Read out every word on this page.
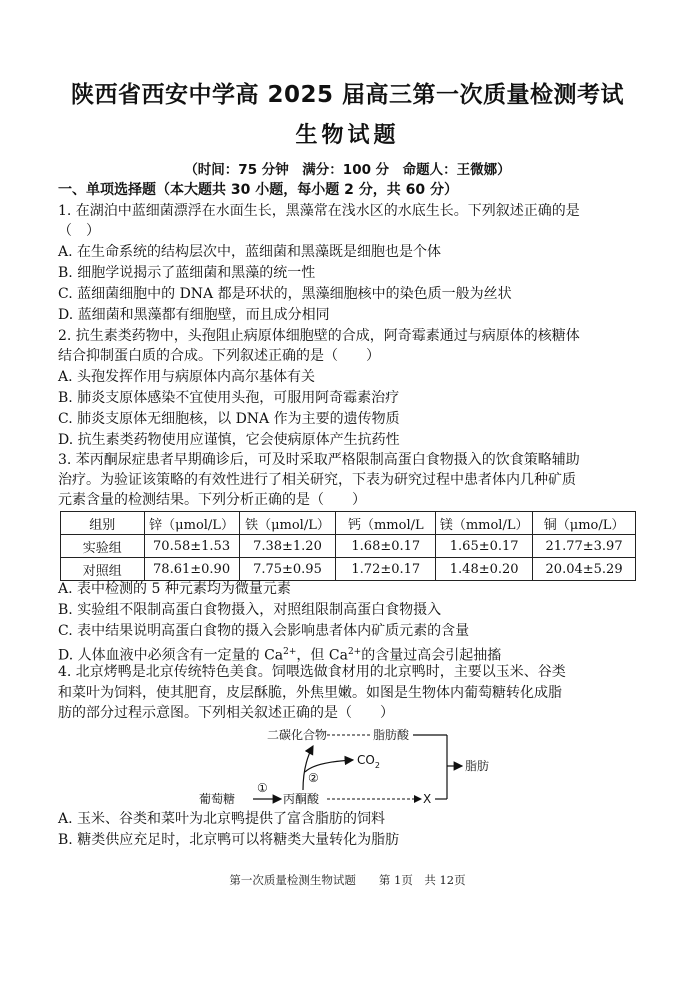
陕西省西安中学高 2025 届高三第一次质量检测考试
生物试题
（时间：75 分钟　满分：100 分　命题人：王微娜）
一、单项选择题（本大题共 30 小题，每小题 2 分，共 60 分）
1. 在湖泊中蓝细菌漂浮在水面生长，黑藻常在浅水区的水底生长。下列叙述正确的是
（　）
A. 在生命系统的结构层次中，蓝细菌和黑藻既是细胞也是个体
B. 细胞学说揭示了蓝细菌和黑藻的统一性
C. 蓝细菌细胞中的 DNA 都是环状的，黑藻细胞核中的染色质一般为丝状
D. 蓝细菌和黑藻都有细胞壁，而且成分相同
2. 抗生素类药物中，头孢阻止病原体细胞壁的合成，阿奇霉素通过与病原体的核糖体
结合抑制蛋白质的合成。下列叙述正确的是（　　）
A. 头孢发挥作用与病原体内高尔基体有关
B. 肺炎支原体感染不宜使用头孢，可服用阿奇霉素治疗
C. 肺炎支原体无细胞核，以 DNA 作为主要的遗传物质
D. 抗生素类药物使用应谨慎，它会使病原体产生抗药性
3. 苯丙酮尿症患者早期确诊后，可及时采取严格限制高蛋白食物摄入的饮食策略辅助
治疗。为验证该策略的有效性进行了相关研究，下表为研究过程中患者体内几种矿质
元素含量的检测结果。下列分析正确的是（　　）
组别	锌（μmol/L）	铁（μmol/L）	钙（mmol/L	镁（mmol/L）	铜（μmo/L）
实验组	70.58±1.53	7.38±1.20	1.68±0.17	1.65±0.17	21.77±3.97
对照组	78.61±0.90	7.75±0.95	1.72±0.17	1.48±0.20	20.04±5.29
A. 表中检测的 5 种元素均为微量元素
B. 实验组不限制高蛋白食物摄入，对照组限制高蛋白食物摄入
C. 表中结果说明高蛋白食物的摄入会影响患者体内矿质元素的含量
D. 人体血液中必须含有一定量的 $Ca^{2+}$，但 $Ca^{2+}$的含量过高会引起抽搐
4. 北京烤鸭是北京传统特色美食。饲喂选做食材用的北京鸭时，主要以玉米、谷类
和菜叶为饲料，使其肥育，皮层酥脆，外焦里嫩。如图是生物体内葡萄糖转化成脂
肪的部分过程示意图。下列相关叙述正确的是（　　）
二碳化合物	脂肪酸
$CO_2$	脂肪
葡萄糖
①
②
丙酮酸	X
A. 玉米、谷类和菜叶为北京鸭提供了富含脂肪的饲料
B. 糖类供应充足时，北京鸭可以将糖类大量转化为脂肪
第一次质量检测生物试题　　第 1页　共 12页
